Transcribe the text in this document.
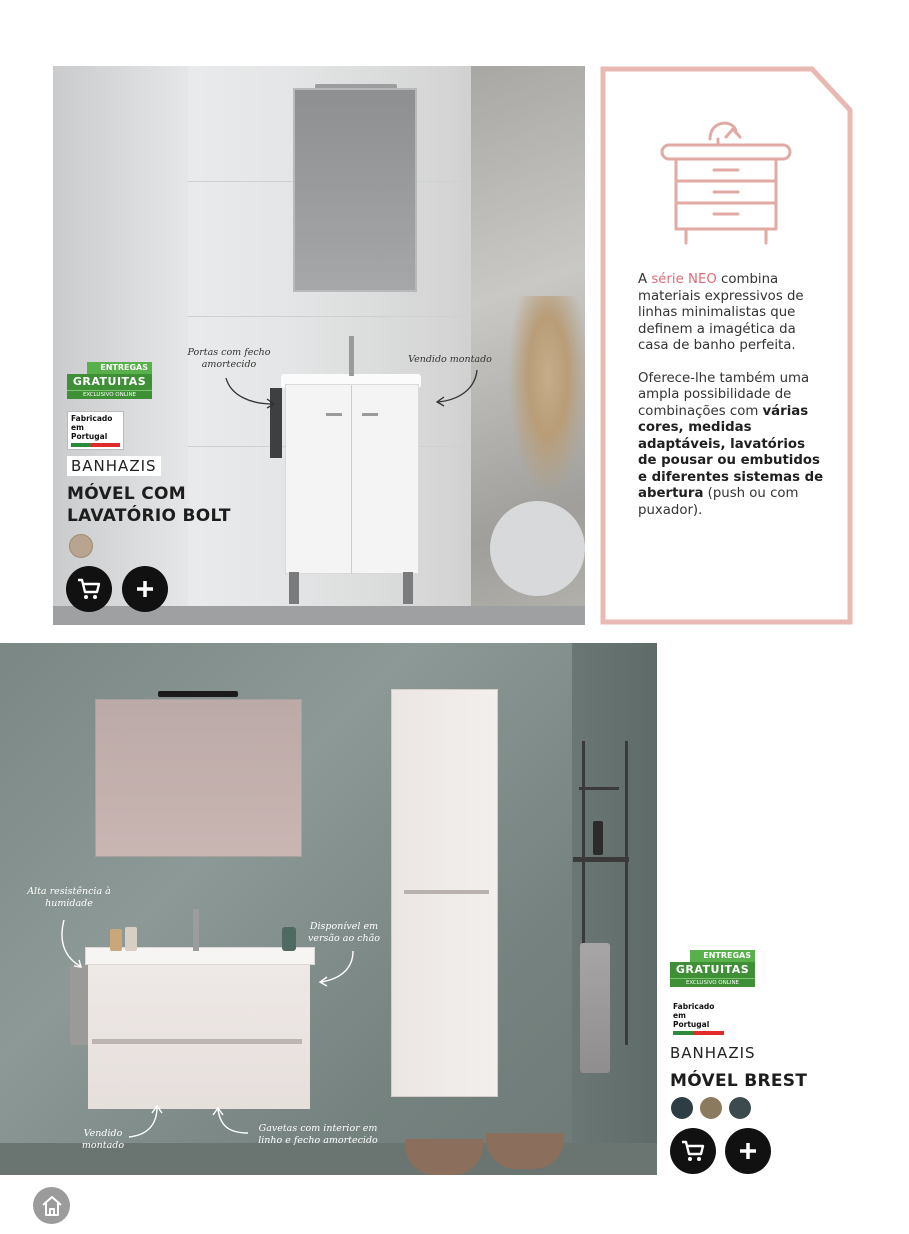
Portas com fecho amortecido	Vendido montado
ENTREGAS
GRATUITAS
EXCLUSIVO ONLINE
Fabricado
em Portugal
BANHAZIS
MÓVEL COM
LAVATÓRIO BOLT
A série NEO combina materiais expressivos de linhas minimalistas que definem a imagética da casa de banho perfeita.
Oferece-lhe também uma ampla possibilidade de combinações com várias cores, medidas adaptáveis, lavatórios de pousar ou embutidos e diferentes sistemas de abertura (push ou com puxador).
Alta resistência à humidade
Disponível em versão ao chão
Vendido montado
Gavetas com interior em linho e fecho amortecido
ENTREGAS
GRATUITAS
EXCLUSIVO ONLINE
Fabricado
em Portugal
BANHAZIS
MÓVEL BREST
